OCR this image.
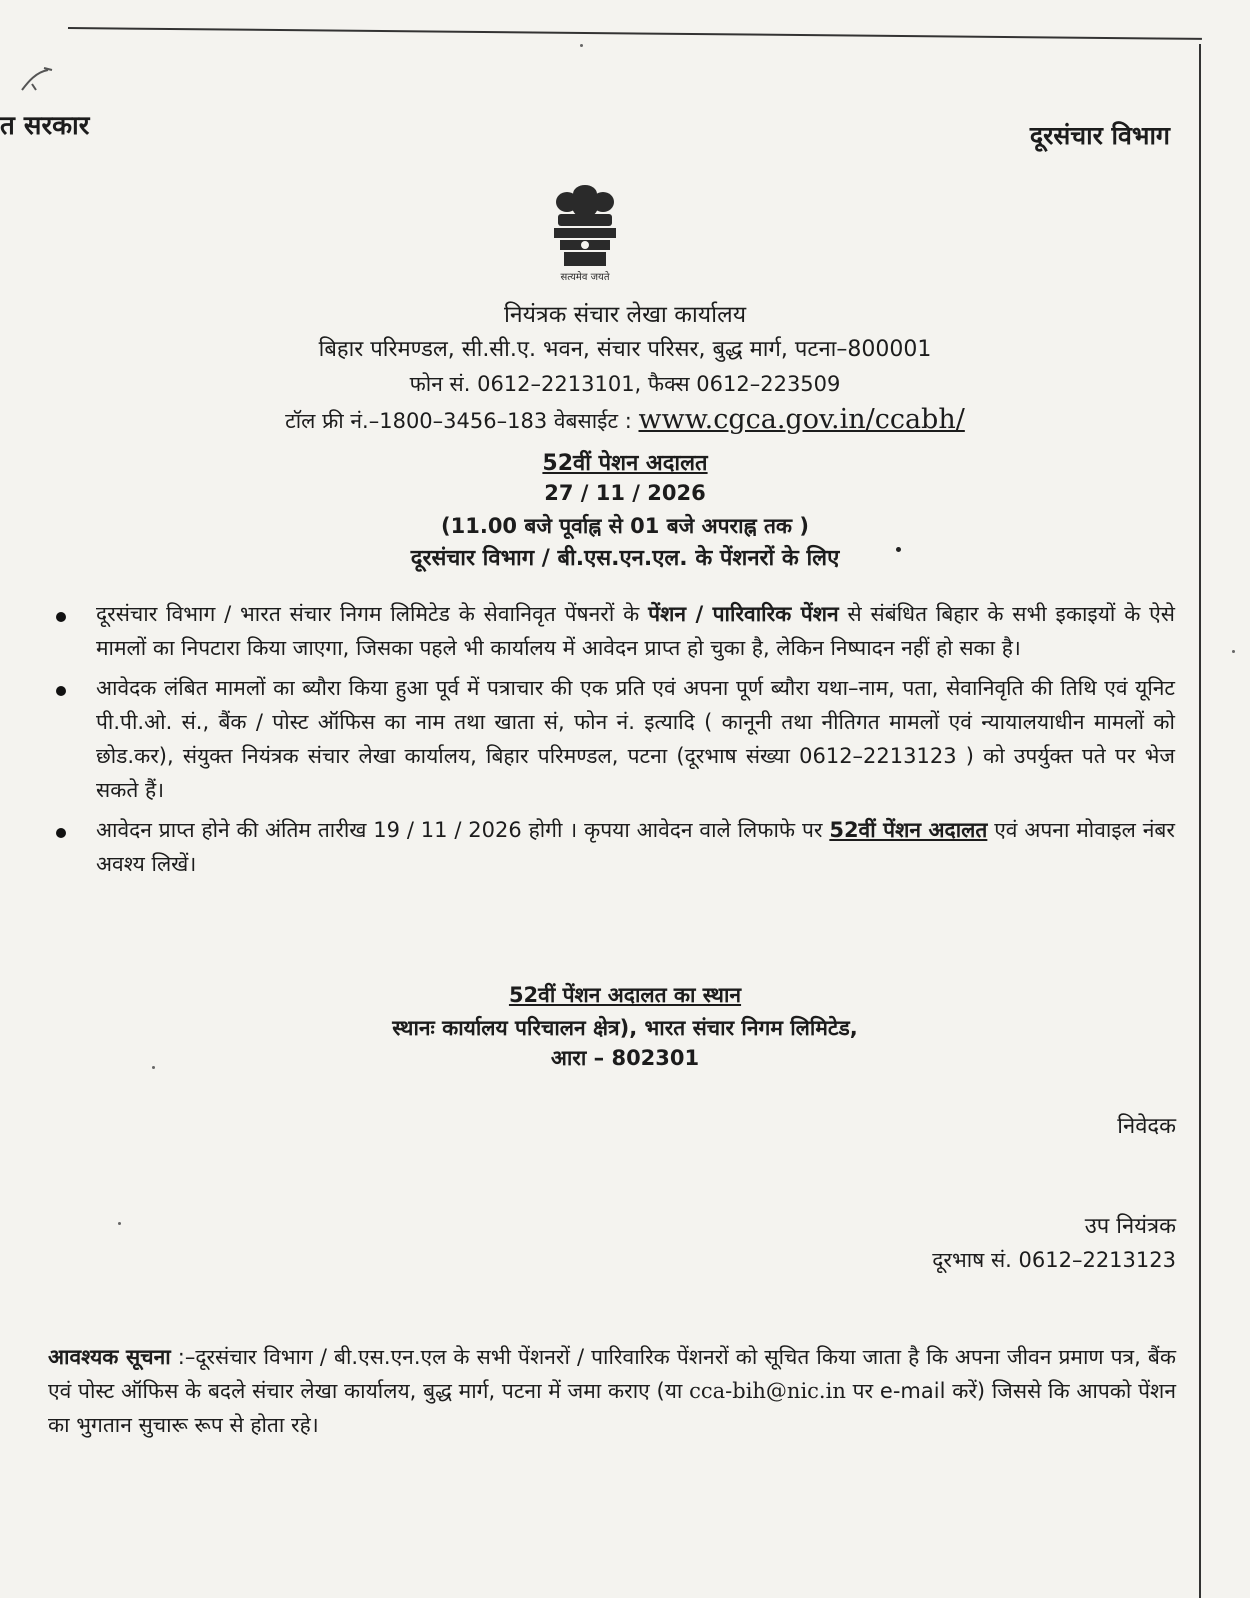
त सरकार	दूरसंचार विभाग
सत्यमेव जयते
नियंत्रक संचार लेखा कार्यालय
बिहार परिमण्डल, सी.सी.ए. भवन, संचार परिसर, बुद्ध मार्ग, पटना–800001
फोन सं. 0612–2213101, फैक्स 0612–223509
टॉल फ्री नं.–1800–3456–183 वेबसाईट : www.cgca.gov.in/ccabh/
52वीं पेशन अदालत
27 / 11 / 2026
(11.00 बजे पूर्वाह्न से 01 बजे अपराह्न तक )
दूरसंचार विभाग / बी.एस.एन.एल. के पेंशनरों के लिए
दूरसंचार विभाग / भारत संचार निगम लिमिटेड के सेवानिवृत पेंषनरों के पेंशन / पारिवारिक पेंशन से संबंधित बिहार के सभी इकाइयों के ऐसे मामलों का निपटारा किया जाएगा, जिसका पहले भी कार्यालय में आवेदन प्राप्त हो चुका है, लेकिन निष्पादन नहीं हो सका है।
आवेदक लंबित मामलों का ब्यौरा किया हुआ पूर्व में पत्राचार की एक प्रति एवं अपना पूर्ण ब्यौरा यथा–नाम, पता, सेवानिवृति की तिथि एवं यूनिट पी.पी.ओ. सं., बैंक / पोस्ट ऑफिस का नाम तथा खाता सं, फोन नं. इत्यादि ( कानूनी तथा नीतिगत मामलों एवं न्यायालयाधीन मामलों को छोड.कर), संयुक्त नियंत्रक संचार लेखा कार्यालय, बिहार परिमण्डल, पटना (दूरभाष संख्या 0612–2213123 ) को उपर्युक्त पते पर भेज सकते हैं।
आवेदन प्राप्त होने की अंतिम तारीख 19 / 11 / 2026 होगी । कृपया आवेदन वाले लिफाफे पर 52वीं पेंशन अदालत एवं अपना मोवाइल नंबर अवश्य लिखें।
52वीं पेंशन अदालत का स्थान
स्थानः कार्यालय परिचालन क्षेत्र), भारत संचार निगम लिमिटेड,
आरा – 802301
निवेदक
उप नियंत्रक
दूरभाष सं. 0612–2213123
आवश्यक सूचना :–दूरसंचार विभाग / बी.एस.एन.एल के सभी पेंशनरों / पारिवारिक पेंशनरों को सूचित किया जाता है कि अपना जीवन प्रमाण पत्र, बैंक एवं पोस्ट ऑफिस के बदले संचार लेखा कार्यालय, बुद्ध मार्ग, पटना में जमा कराए (या cca-bih@nic.in पर e-mail करें) जिससे कि आपको पेंशन का भुगतान सुचारू रूप से होता रहे।
